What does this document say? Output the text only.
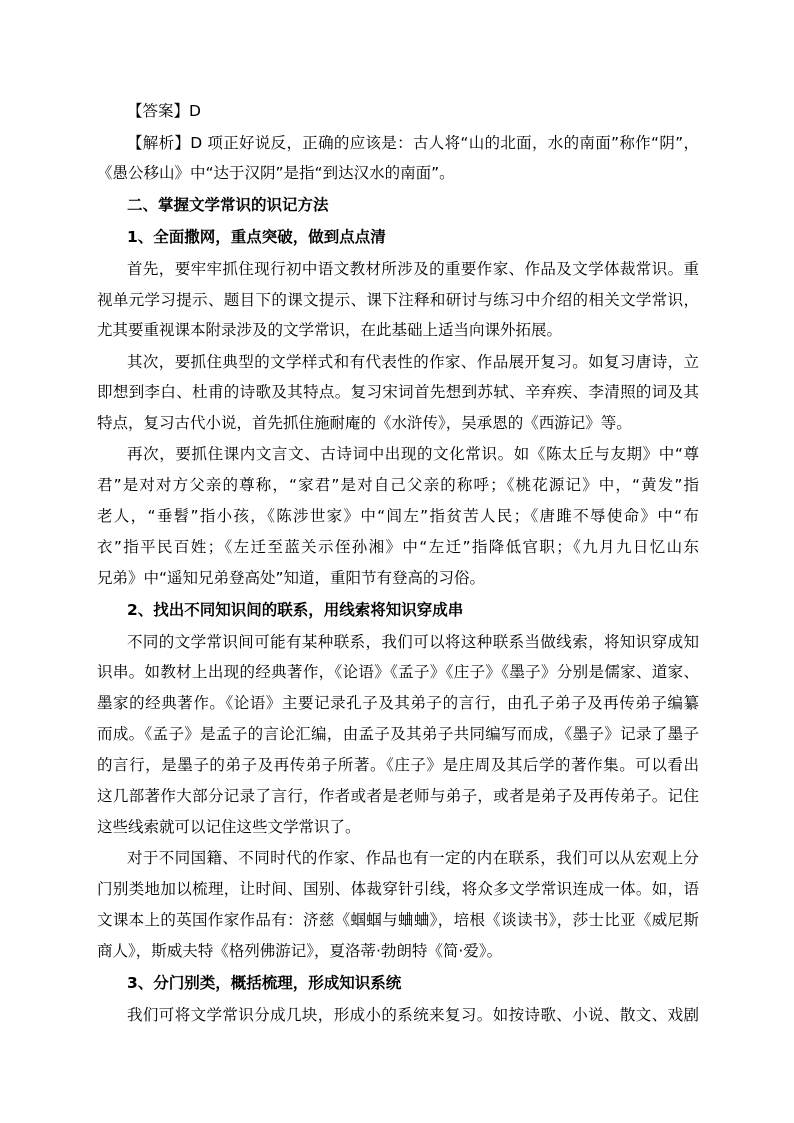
【答案】D
【解析】D 项正好说反，正确的应该是：古人将“山的北面，水的南面”称作“阴”，
《愚公移山》中“达于汉阴”是指“到达汉水的南面”。
二、掌握文学常识的识记方法
1、全面撒网，重点突破，做到点点清
首先，要牢牢抓住现行初中语文教材所涉及的重要作家、作品及文学体裁常识。重
视单元学习提示、题目下的课文提示、课下注释和研讨与练习中介绍的相关文学常识，
尤其要重视课本附录涉及的文学常识，在此基础上适当向课外拓展。
其次，要抓住典型的文学样式和有代表性的作家、作品展开复习。如复习唐诗，立
即想到李白、杜甫的诗歌及其特点。复习宋词首先想到苏轼、辛弃疾、李清照的词及其
特点，复习古代小说，首先抓住施耐庵的《水浒传》，吴承恩的《西游记》等。
再次，要抓住课内文言文、古诗词中出现的文化常识。如《陈太丘与友期》中“尊
君”是对对方父亲的尊称，“家君”是对自己父亲的称呼；《桃花源记》中，“黄发”指
老人，“垂髫”指小孩，《陈涉世家》中“闾左”指贫苦人民；《唐雎不辱使命》中“布
衣”指平民百姓；《左迁至蓝关示侄孙湘》中“左迁”指降低官职；《九月九日忆山东
兄弟》中“遥知兄弟登高处”知道，重阳节有登高的习俗。
2、找出不同知识间的联系，用线索将知识穿成串
不同的文学常识间可能有某种联系，我们可以将这种联系当做线索，将知识穿成知
识串。如教材上出现的经典著作，《论语》《孟子》《庄子》《墨子》分别是儒家、道家、
墨家的经典著作。《论语》主要记录孔子及其弟子的言行，由孔子弟子及再传弟子编纂
而成。《孟子》是孟子的言论汇编，由孟子及其弟子共同编写而成，《墨子》记录了墨子
的言行，是墨子的弟子及再传弟子所著。《庄子》是庄周及其后学的著作集。可以看出
这几部著作大部分记录了言行，作者或者是老师与弟子，或者是弟子及再传弟子。记住
这些线索就可以记住这些文学常识了。
对于不同国籍、不同时代的作家、作品也有一定的内在联系，我们可以从宏观上分
门别类地加以梳理，让时间、国别、体裁穿针引线，将众多文学常识连成一体。如，语
文课本上的英国作家作品有：济慈《蝈蝈与蛐蛐》，培根《谈读书》，莎士比亚《威尼斯
商人》，斯威夫特《格列佛游记》，夏洛蒂·勃朗特《简·爱》。
3、分门别类，概括梳理，形成知识系统
我们可将文学常识分成几块，形成小的系统来复习。如按诗歌、小说、散文、戏剧
